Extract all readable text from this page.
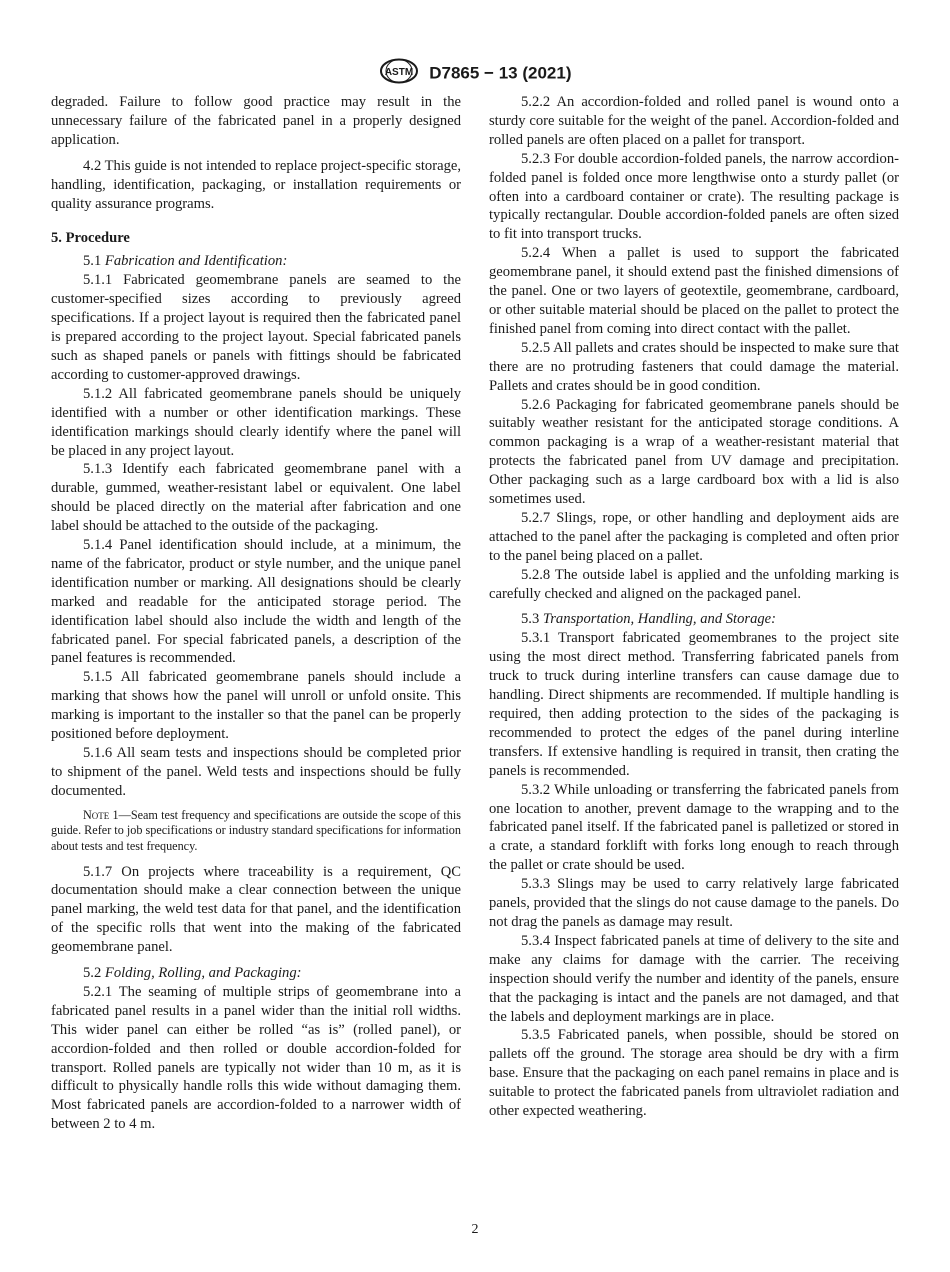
ASTM D7865 − 13 (2021)

degraded. Failure to follow good practice may result in the unnecessary failure of the fabricated panel in a properly designed application.

4.2 This guide is not intended to replace project-specific storage, handling, identification, packaging, or installation requirements or quality assurance programs.

5. Procedure

5.1 Fabrication and Identification:

5.1.1 Fabricated geomembrane panels are seamed to the customer-specified sizes according to previously agreed specifications. If a project layout is required then the fabricated panel is prepared according to the project layout. Special fabricated panels such as shaped panels or panels with fittings should be fabricated according to customer-approved drawings.

5.1.2 All fabricated geomembrane panels should be uniquely identified with a number or other identification markings. These identification markings should clearly identify where the panel will be placed in any project layout.

5.1.3 Identify each fabricated geomembrane panel with a durable, gummed, weather-resistant label or equivalent. One label should be placed directly on the material after fabrication and one label should be attached to the outside of the packaging.

5.1.4 Panel identification should include, at a minimum, the name of the fabricator, product or style number, and the unique panel identification number or marking. All designations should be clearly marked and readable for the anticipated storage period. The identification label should also include the width and length of the fabricated panel. For special fabricated panels, a description of the panel features is recommended.

5.1.5 All fabricated geomembrane panels should include a marking that shows how the panel will unroll or unfold onsite. This marking is important to the installer so that the panel can be properly positioned before deployment.

5.1.6 All seam tests and inspections should be completed prior to shipment of the panel. Weld tests and inspections should be fully documented.

Note 1—Seam test frequency and specifications are outside the scope of this guide. Refer to job specifications or industry standard specifications for information about tests and test frequency.

5.1.7 On projects where traceability is a requirement, QC documentation should make a clear connection between the unique panel marking, the weld test data for that panel, and the identification of the specific rolls that went into the making of the fabricated geomembrane panel.

5.2 Folding, Rolling, and Packaging:

5.2.1 The seaming of multiple strips of geomembrane into a fabricated panel results in a panel wider than the initial roll widths. This wider panel can either be rolled “as is” (rolled panel), or accordion-folded and then rolled or double accordion-folded for transport. Rolled panels are typically not wider than 10 m, as it is difficult to physically handle rolls this wide without damaging them. Most fabricated panels are accordion-folded to a narrower width of between 2 to 4 m.

5.2.2 An accordion-folded and rolled panel is wound onto a sturdy core suitable for the weight of the panel. Accordion-folded and rolled panels are often placed on a pallet for transport.

5.2.3 For double accordion-folded panels, the narrow accordion-folded panel is folded once more lengthwise onto a sturdy pallet (or often into a cardboard container or crate). The resulting package is typically rectangular. Double accordion-folded panels are often sized to fit into transport trucks.

5.2.4 When a pallet is used to support the fabricated geomembrane panel, it should extend past the finished dimensions of the panel. One or two layers of geotextile, geomembrane, cardboard, or other suitable material should be placed on the pallet to protect the finished panel from coming into direct contact with the pallet.

5.2.5 All pallets and crates should be inspected to make sure that there are no protruding fasteners that could damage the material. Pallets and crates should be in good condition.

5.2.6 Packaging for fabricated geomembrane panels should be suitably weather resistant for the anticipated storage conditions. A common packaging is a wrap of a weather-resistant material that protects the fabricated panel from UV damage and precipitation. Other packaging such as a large cardboard box with a lid is also sometimes used.

5.2.7 Slings, rope, or other handling and deployment aids are attached to the panel after the packaging is completed and often prior to the panel being placed on a pallet.

5.2.8 The outside label is applied and the unfolding marking is carefully checked and aligned on the packaged panel.

5.3 Transportation, Handling, and Storage:

5.3.1 Transport fabricated geomembranes to the project site using the most direct method. Transferring fabricated panels from truck to truck during interline transfers can cause damage due to handling. Direct shipments are recommended. If multiple handling is required, then adding protection to the sides of the packaging is recommended to protect the edges of the panel during interline transfers. If extensive handling is required in transit, then crating the panels is recommended.

5.3.2 While unloading or transferring the fabricated panels from one location to another, prevent damage to the wrapping and to the fabricated panel itself. If the fabricated panel is palletized or stored in a crate, a standard forklift with forks long enough to reach through the pallet or crate should be used.

5.3.3 Slings may be used to carry relatively large fabricated panels, provided that the slings do not cause damage to the panels. Do not drag the panels as damage may result.

5.3.4 Inspect fabricated panels at time of delivery to the site and make any claims for damage with the carrier. The receiving inspection should verify the number and identity of the panels, ensure that the packaging is intact and the panels are not damaged, and that the labels and deployment markings are in place.

5.3.5 Fabricated panels, when possible, should be stored on pallets off the ground. The storage area should be dry with a firm base. Ensure that the packaging on each panel remains in place and is suitable to protect the fabricated panels from ultraviolet radiation and other expected weathering.

2
